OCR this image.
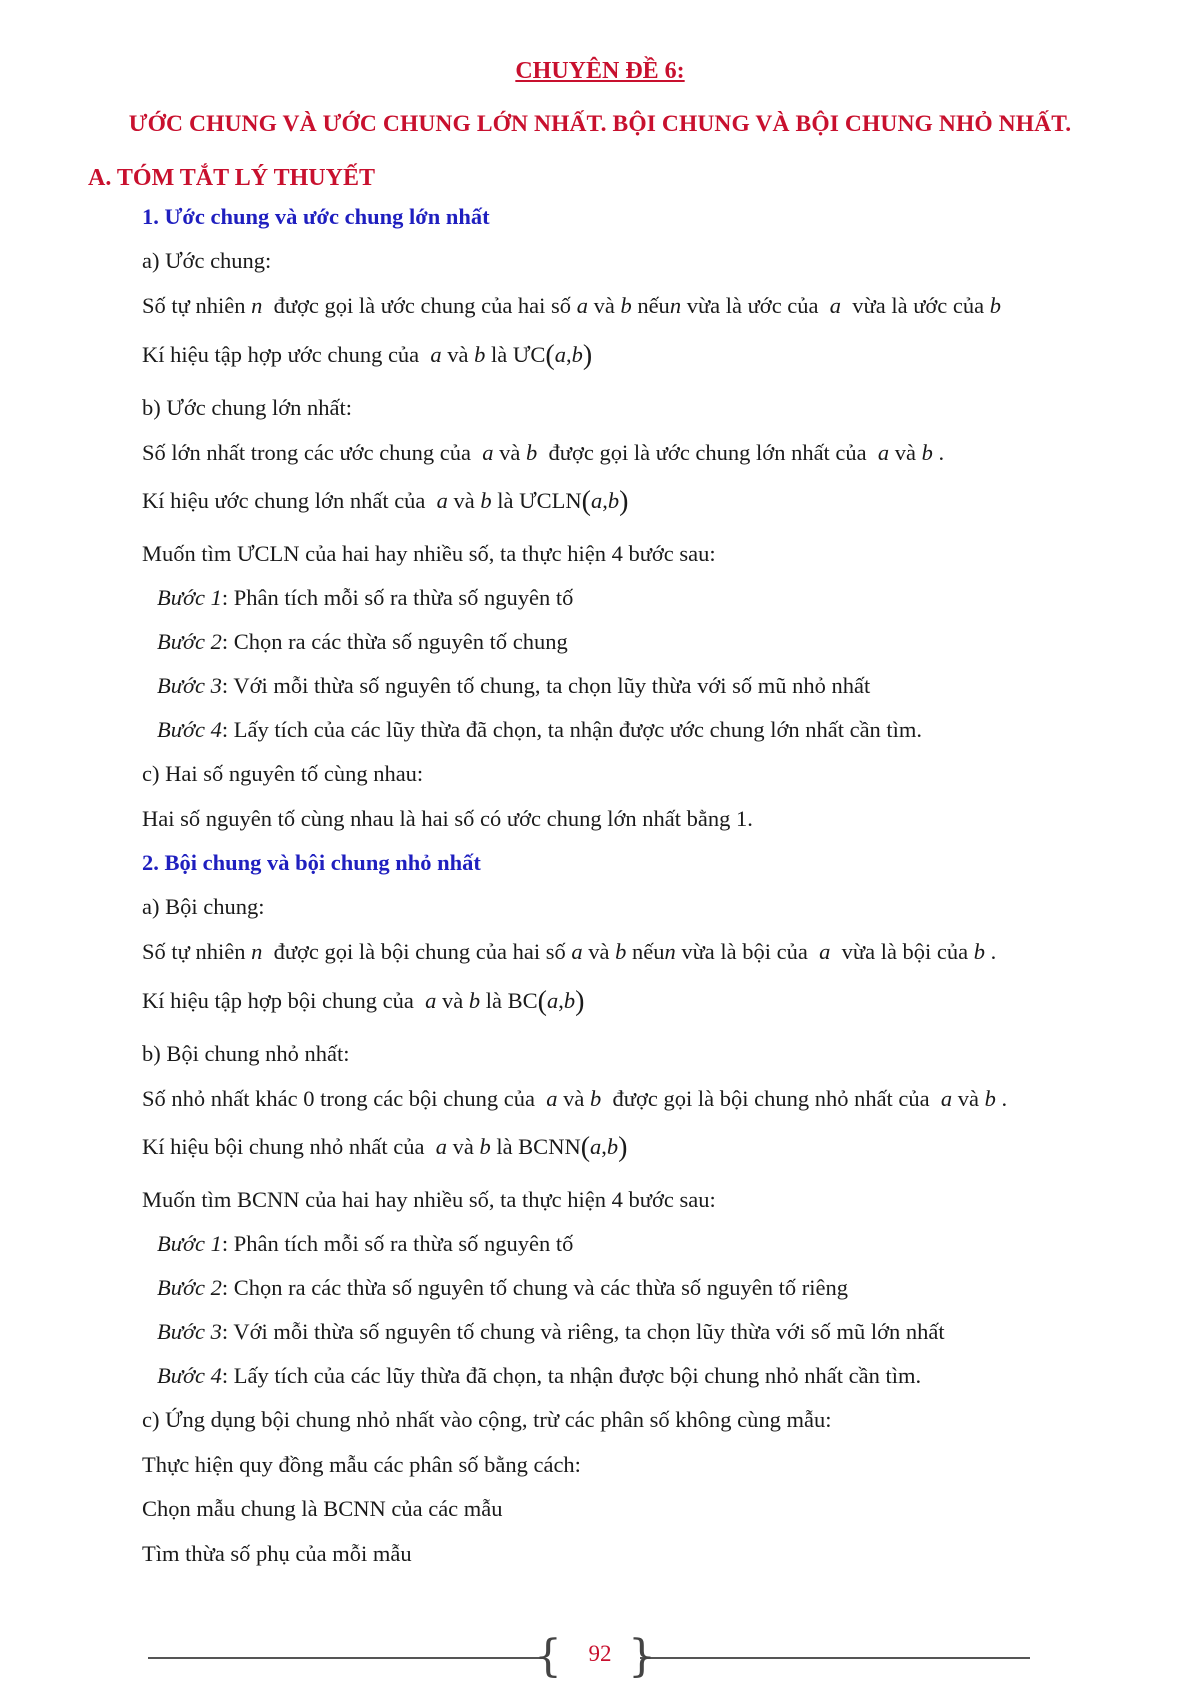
CHUYÊN ĐỀ 6:
ƯỚC CHUNG VÀ ƯỚC CHUNG LỚN NHẤT. BỘI CHUNG VÀ BỘI CHUNG NHỎ NHẤT.
A. TÓM TẮT LÝ THUYẾT
1. Ước chung và ước chung lớn nhất
a) Ước chung:
Số tự nhiên n được gọi là ước chung của hai số a và b nếun vừa là ước của a vừa là ước của b
Kí hiệu tập hợp ước chung của a và b là ƯC(a,b)
b) Ước chung lớn nhất:
Số lớn nhất trong các ước chung của a và b được gọi là ước chung lớn nhất của a và b .
Kí hiệu ước chung lớn nhất của a và b là ƯCLN(a,b)
Muốn tìm ƯCLN của hai hay nhiều số, ta thực hiện 4 bước sau:
Bước 1: Phân tích mỗi số ra thừa số nguyên tố
Bước 2: Chọn ra các thừa số nguyên tố chung
Bước 3: Với mỗi thừa số nguyên tố chung, ta chọn lũy thừa với số mũ nhỏ nhất
Bước 4: Lấy tích của các lũy thừa đã chọn, ta nhận được ước chung lớn nhất cần tìm.
c) Hai số nguyên tố cùng nhau:
Hai số nguyên tố cùng nhau là hai số có ước chung lớn nhất bằng 1.
2. Bội chung và bội chung nhỏ nhất
a) Bội chung:
Số tự nhiên n được gọi là bội chung của hai số a và b nếun vừa là bội của a vừa là bội của b .
Kí hiệu tập hợp bội chung của a và b là BC(a,b)
b) Bội chung nhỏ nhất:
Số nhỏ nhất khác 0 trong các bội chung của a và b được gọi là bội chung nhỏ nhất của a và b .
Kí hiệu bội chung nhỏ nhất của a và b là BCNN(a,b)
Muốn tìm BCNN của hai hay nhiều số, ta thực hiện 4 bước sau:
Bước 1: Phân tích mỗi số ra thừa số nguyên tố
Bước 2: Chọn ra các thừa số nguyên tố chung và các thừa số nguyên tố riêng
Bước 3: Với mỗi thừa số nguyên tố chung và riêng, ta chọn lũy thừa với số mũ lớn nhất
Bước 4: Lấy tích của các lũy thừa đã chọn, ta nhận được bội chung nhỏ nhất cần tìm.
c) Ứng dụng bội chung nhỏ nhất vào cộng, trừ các phân số không cùng mẫu:
Thực hiện quy đồng mẫu các phân số bằng cách:
Chọn mẫu chung là BCNN của các mẫu
Tìm thừa số phụ của mỗi mẫu
{ }
92
